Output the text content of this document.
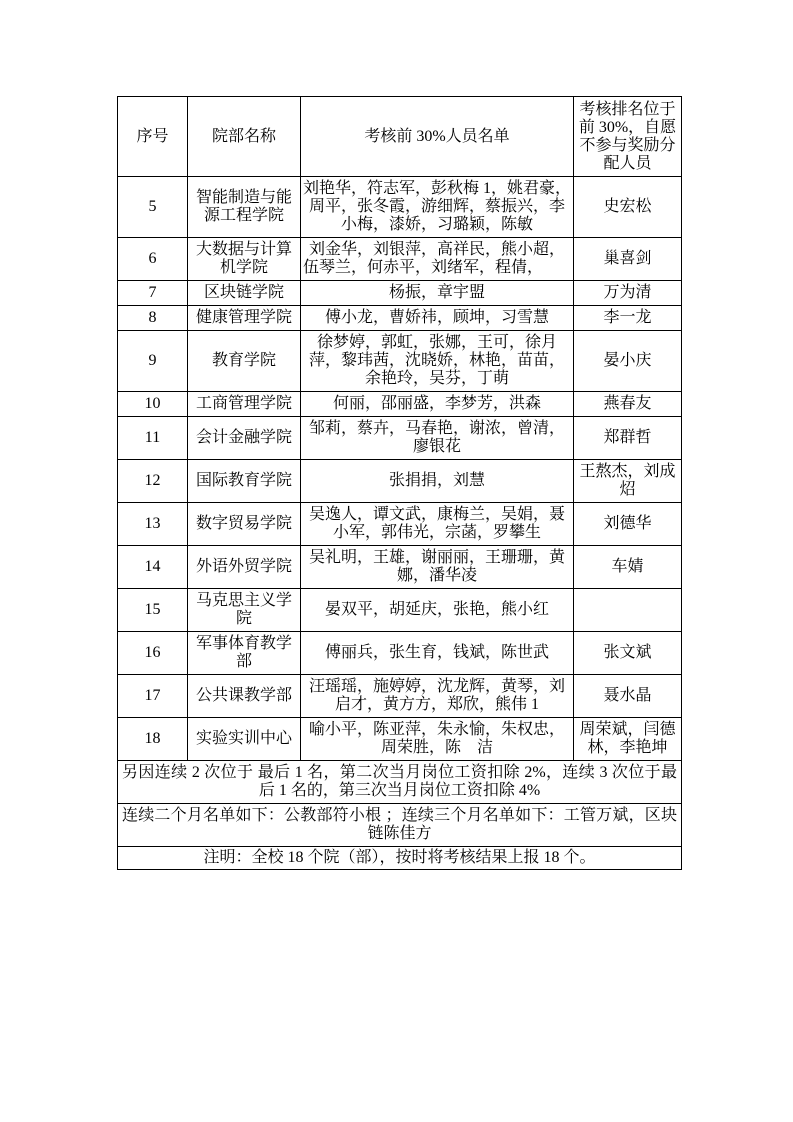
序号	院部名称	考核前 30%人员名单	考核排名位于前 30%，自愿不参与奖励分配人员
5	智能制造与能源工程学院	刘艳华，符志军，彭秋梅 1，姚君豪，周平，张冬霞，游细辉，蔡振兴，李小梅，漆娇，习璐颖，陈敏	史宏松
6	大数据与计算机学院	刘金华，刘银萍，高祥民，熊小超，伍琴兰，何赤平，刘绪军，程倩，	巢喜剑
7	区块链学院	杨振，章宇盟	万为清
8	健康管理学院	傅小龙，曹娇祎，顾坤，习雪慧	李一龙
9	教育学院	徐梦婷，郭虹，张娜，王可，徐月萍，黎玮茜，沈晓娇，林艳，苗苗，余艳玲，吴芬，丁萌	晏小庆
10	工商管理学院	何丽，邵丽盛，李梦芳，洪森	燕春友
11	会计金融学院	邹莉，蔡卉，马春艳，谢浓，曾清，廖银花	郑群哲
12	国际教育学院	张捐捐，刘慧	王熬杰，刘成炤
13	数字贸易学院	吴逸人，谭文武，康梅兰，吴娟，聂小军，郭伟光，宗菡，罗攀生	刘德华
14	外语外贸学院	吴礼明，王雄，谢丽丽，王珊珊，黄娜，潘华凌	车婧
15	马克思主义学院	晏双平，胡延庆，张艳，熊小红	
16	军事体育教学部	傅丽兵，张生育，钱斌，陈世武	张文斌
17	公共课教学部	汪瑶瑶，施婷婷，沈龙辉，黄琴，刘启才，黄方方，郑欣，熊伟 1	聂水晶
18	实验实训中心	喻小平，陈亚萍，朱永愉，朱权忠，周荣胜，陈　洁	周荣斌，闫德林，李艳坤
另因连续 2 次位于 最后 1 名，第二次当月岗位工资扣除 2%，连续 3 次位于最后 1 名的，第三次当月岗位工资扣除 4%			
连续二个月名单如下：公教部符小根 ；连续三个月名单如下：工管万斌，区块链陈佳方			
注明：全校 18 个院（部），按时将考核结果上报 18 个。			
